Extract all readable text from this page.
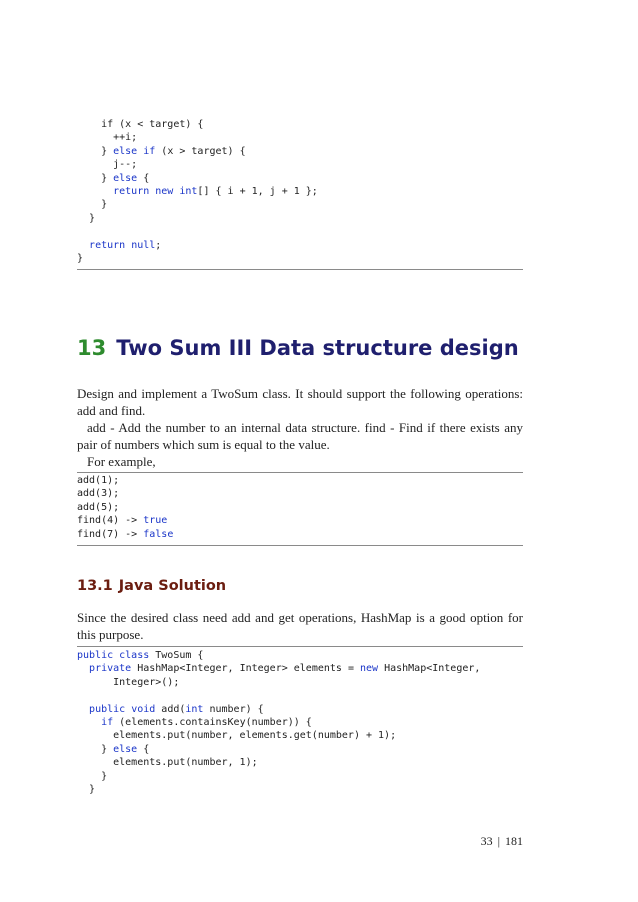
if (x < target) {
++i;
} else if (x > target) {
j--;
} else {
return new int[] { i + 1, j + 1 };
}
}

return null;
}
13 Two Sum III Data structure design

Design and implement a TwoSum class. It should support the following operations: add and find.

add - Add the number to an internal data structure. find - Find if there exists any pair of numbers which sum is equal to the value.

For example,

add(1);
add(3);
add(5);
find(4) -> true
find(7) -> false
13.1 Java Solution

Since the desired class need add and get operations, HashMap is a good option for this purpose.

public class TwoSum {
private HashMap<Integer, Integer> elements = new HashMap<Integer,
Integer>();

public void add(int number) {
if (elements.containsKey(number)) {
elements.put(number, elements.get(number) + 1);
} else {
elements.put(number, 1);
}
}
33 | 181
